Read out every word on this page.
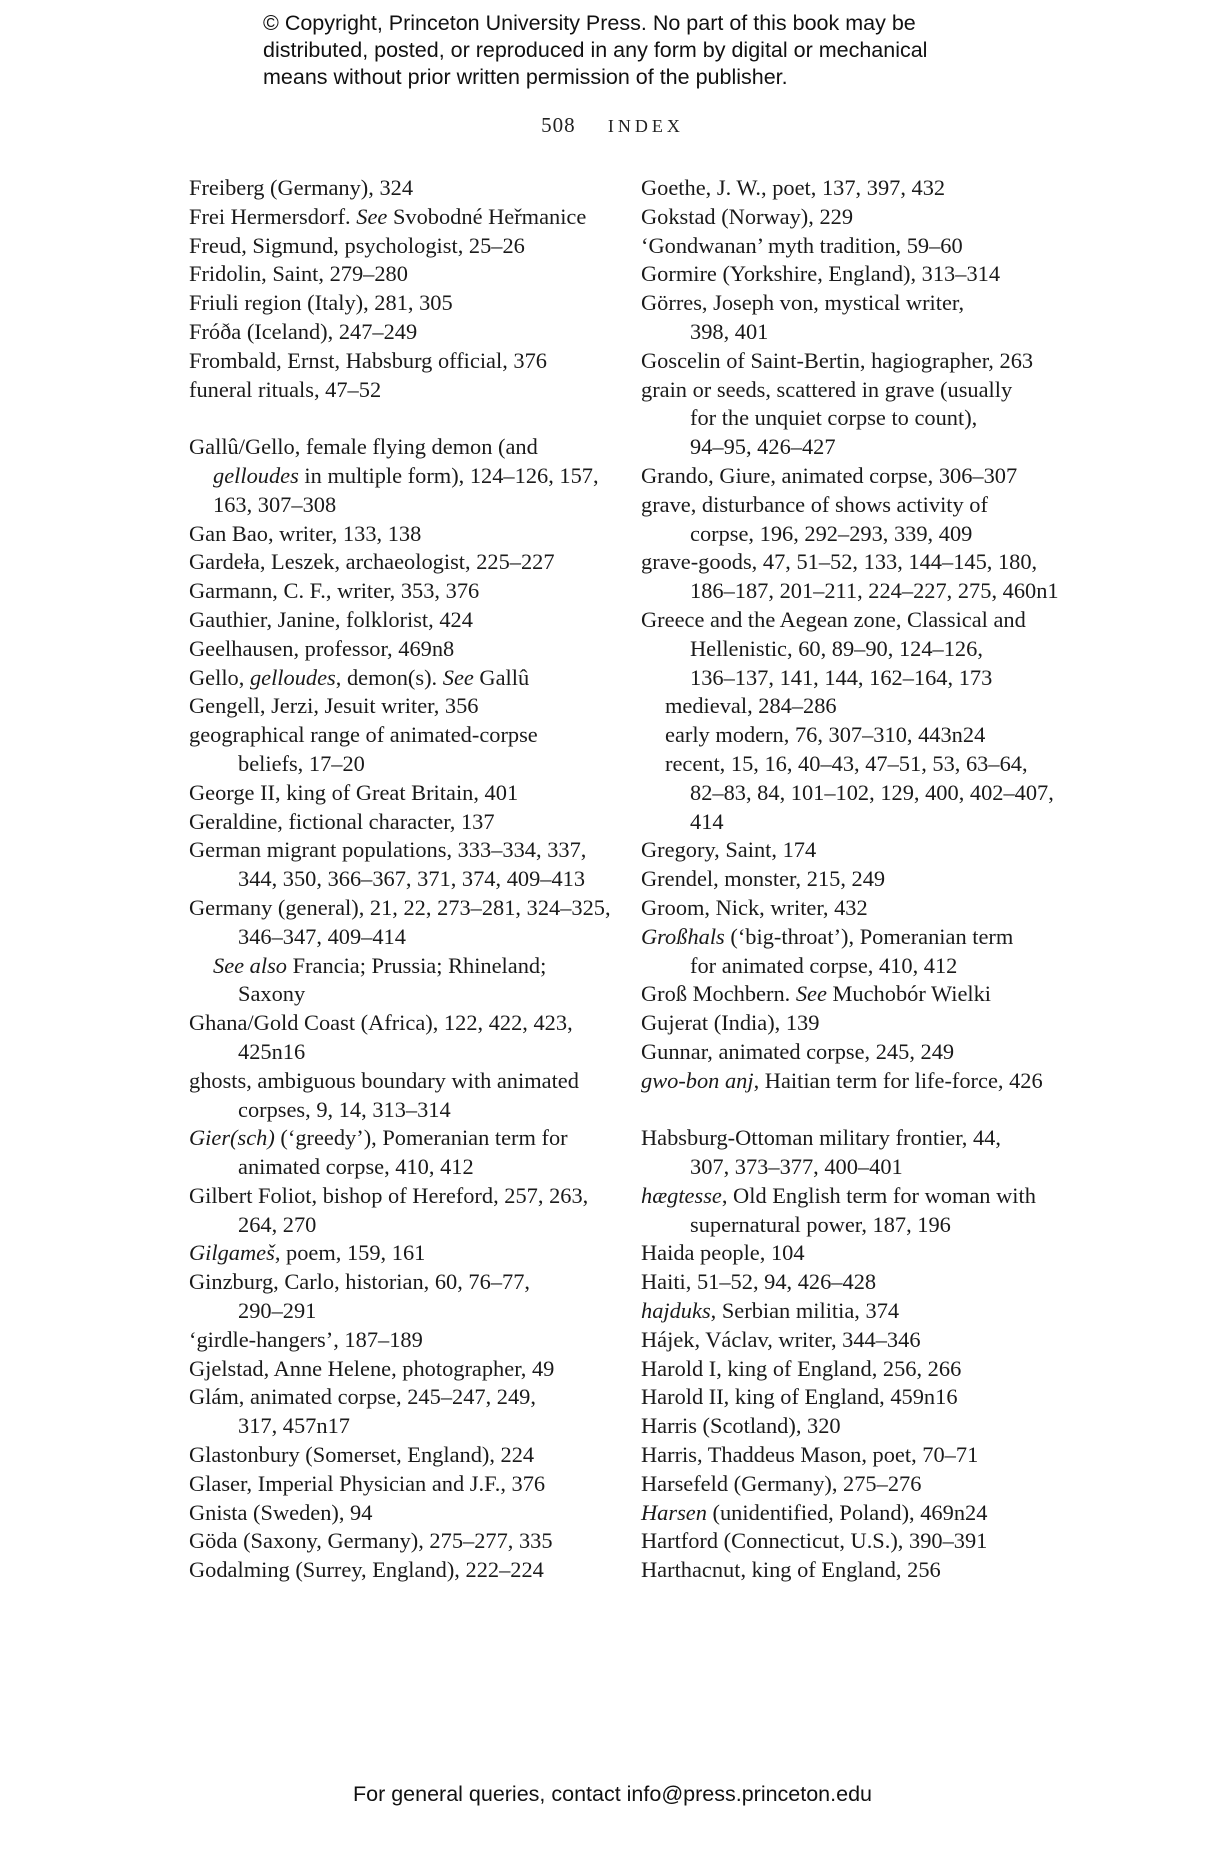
© Copyright, Princeton University Press. No part of this book may be

distributed, posted, or reproduced in any form by digital or mechanical

means without prior written permission of the publisher.

508 INDEX
Freiberg (Germany), 324
Frei Hermersdorf. See Svobodné Heřmanice
Freud, Sigmund, psychologist, 25–26
Fridolin, Saint, 279–280
Friuli region (Italy), 281, 305
Fróða (Iceland), 247–249
Frombald, Ernst, Habsburg official, 376
funeral rituals, 47–52
Gallû/Gello, female flying demon (and
gelloudes in multiple form), 124–126, 157,
163, 307–308
Gan Bao, writer, 133, 138
Gardeła, Leszek, archaeologist, 225–227
Garmann, C. F., writer, 353, 376
Gauthier, Janine, folklorist, 424
Geelhausen, professor, 469n8
Gello, gelloudes, demon(s). See Gallû
Gengell, Jerzi, Jesuit writer, 356
geographical range of animated-corpse
beliefs, 17–20
George II, king of Great Britain, 401
Geraldine, fictional character, 137
German migrant populations, 333–334, 337,
344, 350, 366–367, 371, 374, 409–413
Germany (general), 21, 22, 273–281, 324–325,
346–347, 409–414
See also Francia; Prussia; Rhineland;
Saxony
Ghana/Gold Coast (Africa), 122, 422, 423,
425n16
ghosts, ambiguous boundary with animated
corpses, 9, 14, 313–314
Gier(sch) (‘greedy’), Pomeranian term for
animated corpse, 410, 412
Gilbert Foliot, bishop of Hereford, 257, 263,
264, 270
Gilgameš, poem, 159, 161
Ginzburg, Carlo, historian, 60, 76–77,
290–291
‘girdle-hangers’, 187–189
Gjelstad, Anne Helene, photographer, 49
Glám, animated corpse, 245–247, 249,
317, 457n17
Glastonbury (Somerset, England), 224
Glaser, Imperial Physician and J.F., 376
Gnista (Sweden), 94
Göda (Saxony, Germany), 275–277, 335
Godalming (Surrey, England), 222–224
Goethe, J. W., poet, 137, 397, 432
Gokstad (Norway), 229
‘Gondwanan’ myth tradition, 59–60
Gormire (Yorkshire, England), 313–314
Görres, Joseph von, mystical writer,
398, 401
Goscelin of Saint-Bertin, hagiographer, 263
grain or seeds, scattered in grave (usually
for the unquiet corpse to count),
94–95, 426–427
Grando, Giure, animated corpse, 306–307
grave, disturbance of shows activity of
corpse, 196, 292–293, 339, 409
grave-goods, 47, 51–52, 133, 144–145, 180,
186–187, 201–211, 224–227, 275, 460n1
Greece and the Aegean zone, Classical and
Hellenistic, 60, 89–90, 124–126,
136–137, 141, 144, 162–164, 173
medieval, 284–286
early modern, 76, 307–310, 443n24
recent, 15, 16, 40–43, 47–51, 53, 63–64,
82–83, 84, 101–102, 129, 400, 402–407,
414
Gregory, Saint, 174
Grendel, monster, 215, 249
Groom, Nick, writer, 432
Großhals (‘big-throat’), Pomeranian term
for animated corpse, 410, 412
Groß Mochbern. See Muchobór Wielki
Gujerat (India), 139
Gunnar, animated corpse, 245, 249
gwo-bon anj, Haitian term for life-force, 426
Habsburg-Ottoman military frontier, 44,
307, 373–377, 400–401
hægtesse, Old English term for woman with
supernatural power, 187, 196
Haida people, 104
Haiti, 51–52, 94, 426–428
hajduks, Serbian militia, 374
Hájek, Václav, writer, 344–346
Harold I, king of England, 256, 266
Harold II, king of England, 459n16
Harris (Scotland), 320
Harris, Thaddeus Mason, poet, 70–71
Harsefeld (Germany), 275–276
Harsen (unidentified, Poland), 469n24
Hartford (Connecticut, U.S.), 390–391
Harthacnut, king of England, 256
For general queries, contact info@press.princeton.edu
